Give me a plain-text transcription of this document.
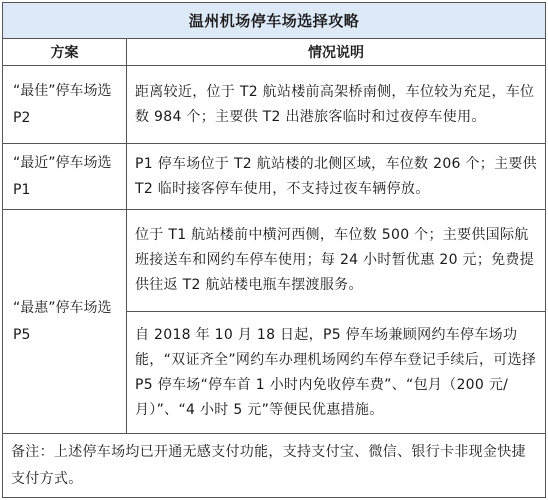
温州机场停车场选择攻略	
方案	情况说明
“最佳”停车场选 P2	距离较近，位于 T2 航站楼前高架桥南侧，车位较为充足，车位数 984 个；主要供 T2 出港旅客临时和过夜停车使用。

“最近”停车场选 P1	P1 停车场位于 T2 航站楼的北侧区域，车位数 206 个；主要供 T2 临时接客停车使用，不支持过夜车辆停放。

“最惠”停车场选 P5	位于 T1 航站楼前中横河西侧，车位数 500 个；主要供国际航班接送车和网约车停车使用；每 24 小时暂优惠 20 元；免费提供往返 T2 航站楼电瓶车摆渡服务。

	自 2018 年 10 月 18 日起，P5 停车场兼顾网约车停车场功能，“双证齐全”网约车办理机场网约车停车登记手续后，可选择 P5 停车场“停车首 1 小时内免收停车费”、“包月（200 元/月）”、“4 小时 5 元”等便民优惠措施。

备注：上述停车场均已开通无感支付功能，支持支付宝、微信、银行卡非现金快捷支付方式。	
